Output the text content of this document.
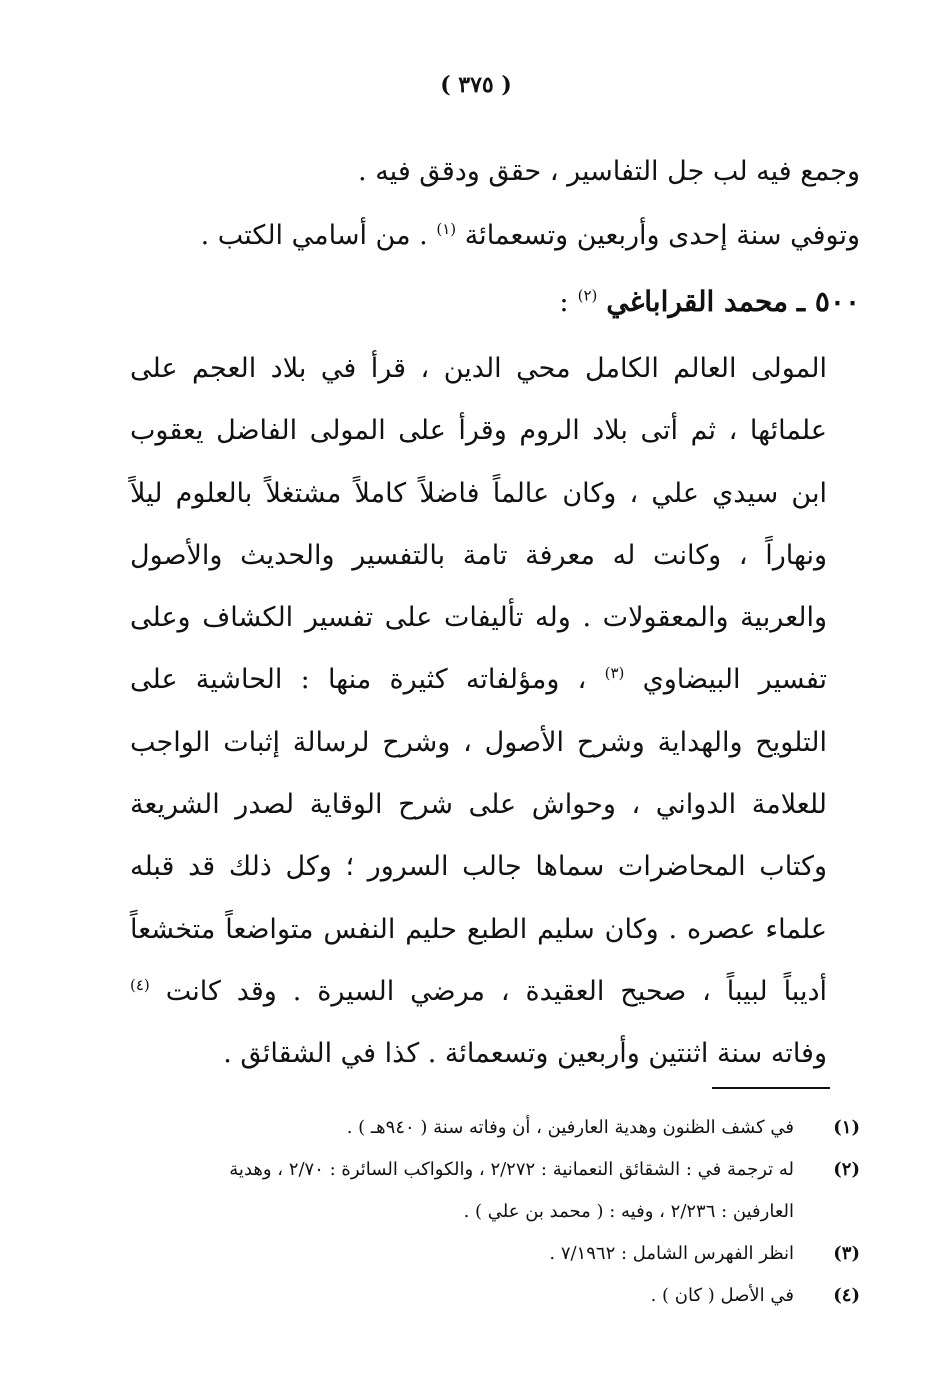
( ٣٧٥ )
وجمع فيه لب جل التفاسير ، حقق ودقق فيه .
وتوفي سنة إحدى وأربعين وتسعمائة $^{(١)}$ . من أسامي الكتب .
٥٠٠ ـ محمد القراباغي $^{(٢)}$ :
المولى العالم الكامل محي الدين ، قرأ في بلاد العجم على
علمائها ، ثم أتى بلاد الروم وقرأ على المولى الفاضل يعقوب
ابن سيدي علي ، وكان عالماً فاضلاً كاملاً مشتغلاً بالعلوم ليلاً
ونهاراً ، وكانت له معرفة تامة بالتفسير والحديث والأصول
والعربية والمعقولات . وله تأليفات على تفسير الكشاف وعلى
تفسير البيضاوي $^{(٣)}$ ، ومؤلفاته كثيرة منها : الحاشية على
التلويح والهداية وشرح الأصول ، وشرح لرسالة إثبات الواجب
للعلامة الدواني ، وحواش على شرح الوقاية لصدر الشريعة
وكتاب المحاضرات سماها جالب السرور ؛ وكل ذلك قد قبله
علماء عصره . وكان سليم الطبع حليم النفس متواضعاً متخشعاً
أديباً لبيباً ، صحيح العقيدة ، مرضي السيرة . وقد كانت $^{(٤)}$
وفاته سنة اثنتين وأربعين وتسعمائة . كذا في الشقائق .
(١)
في كشف الظنون وهدية العارفين ، أن وفاته سنة ( ٩٤٠هـ ) .
(٢)
له ترجمة في : الشقائق النعمانية : ٢/٢٧٢ ، والكواكب السائرة : ٢/٧٠ ، وهدية
العارفين : ٢/٢٣٦ ، وفيه : ( محمد بن علي ) .
(٣)
انظر الفهرس الشامل : ٧/١٩٦٢ .
(٤)
في الأصل ( كان ) .
